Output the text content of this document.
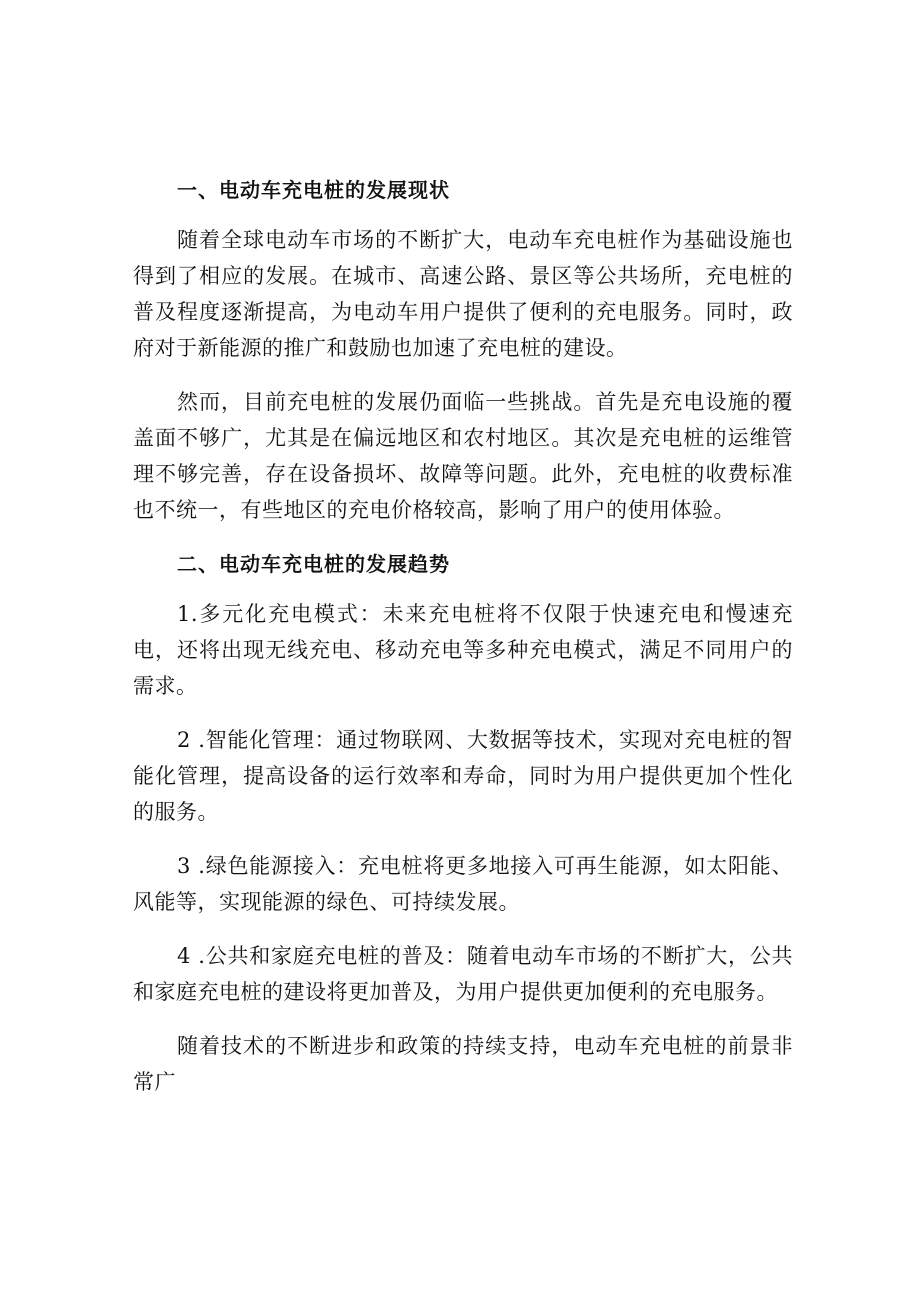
一、电动车充电桩的发展现状

随着全球电动车市场的不断扩大，电动车充电桩作为基础设施也得到了相应的发展。在城市、高速公路、景区等公共场所，充电桩的普及程度逐渐提高，为电动车用户提供了便利的充电服务。同时，政府对于新能源的推广和鼓励也加速了充电桩的建设。

然而，目前充电桩的发展仍面临一些挑战。首先是充电设施的覆盖面不够广，尤其是在偏远地区和农村地区。其次是充电桩的运维管理不够完善，存在设备损坏、故障等问题。此外，充电桩的收费标准也不统一，有些地区的充电价格较高，影响了用户的使用体验。

二、电动车充电桩的发展趋势

1.多元化充电模式：未来充电桩将不仅限于快速充电和慢速充电，还将出现无线充电、移动充电等多种充电模式，满足不同用户的需求。

2 .智能化管理：通过物联网、大数据等技术，实现对充电桩的智能化管理，提高设备的运行效率和寿命，同时为用户提供更加个性化的服务。

3 .绿色能源接入：充电桩将更多地接入可再生能源，如太阳能、风能等，实现能源的绿色、可持续发展。

4 .公共和家庭充电桩的普及：随着电动车市场的不断扩大，公共和家庭充电桩的建设将更加普及，为用户提供更加便利的充电服务。

随着技术的不断进步和政策的持续支持，电动车充电桩的前景非常广
